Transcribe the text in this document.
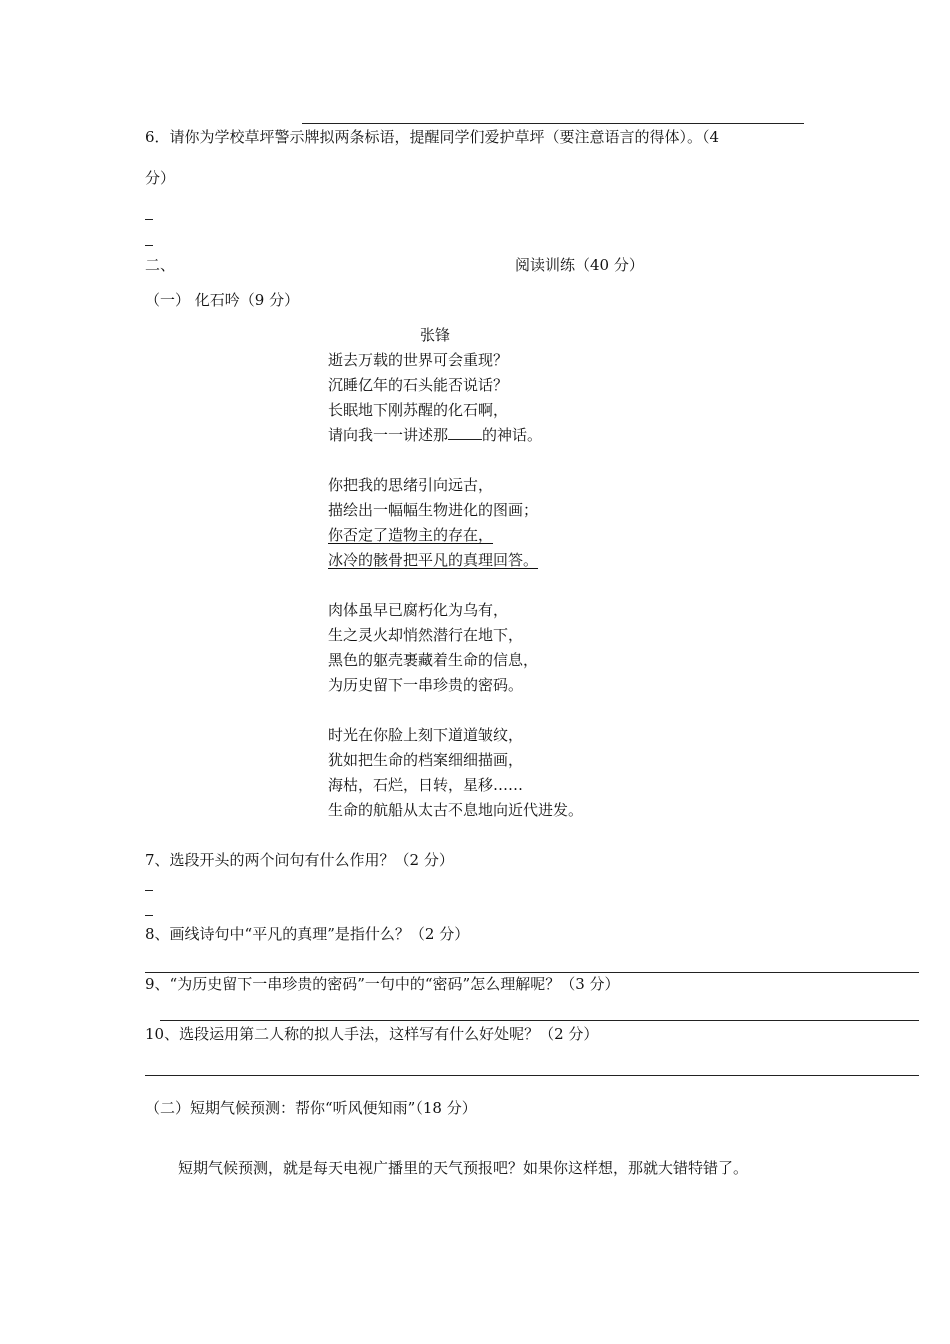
6．请你为学校草坪警示牌拟两条标语，提醒同学们爱护草坪（要注意语言的得体）。（4
分）
二、	阅读训练（40 分）
（一） 化石吟（9 分）
张锋
逝去万载的世界可会重现？
沉睡亿年的石头能否说话？
长眠地下刚苏醒的化石啊，
请向我一一讲述那 的神话。
你把我的思绪引向远古，
描绘出一幅幅生物进化的图画；
你否定了造物主的存在，
冰冷的骸骨把平凡的真理回答。
肉体虽早已腐朽化为乌有，
生之灵火却悄然潜行在地下，
黑色的躯壳裹藏着生命的信息，
为历史留下一串珍贵的密码。
时光在你脸上刻下道道皱纹，
犹如把生命的档案细细描画，
海枯，石烂，日转，星移……
生命的航船从太古不息地向近代进发。
7、选段开头的两个问句有什么作用？（2 分）
8、画线诗句中“平凡的真理”是指什么？（2 分）
9、“为历史留下一串珍贵的密码”一句中的“密码”怎么理解呢？（3 分）
10、选段运用第二人称的拟人手法，这样写有什么好处呢？（2 分）
（二）短期气候预测：帮你“听风便知雨”（18 分）
短期气候预测，就是每天电视广播里的天气预报吧？如果你这样想，那就大错特错了。
